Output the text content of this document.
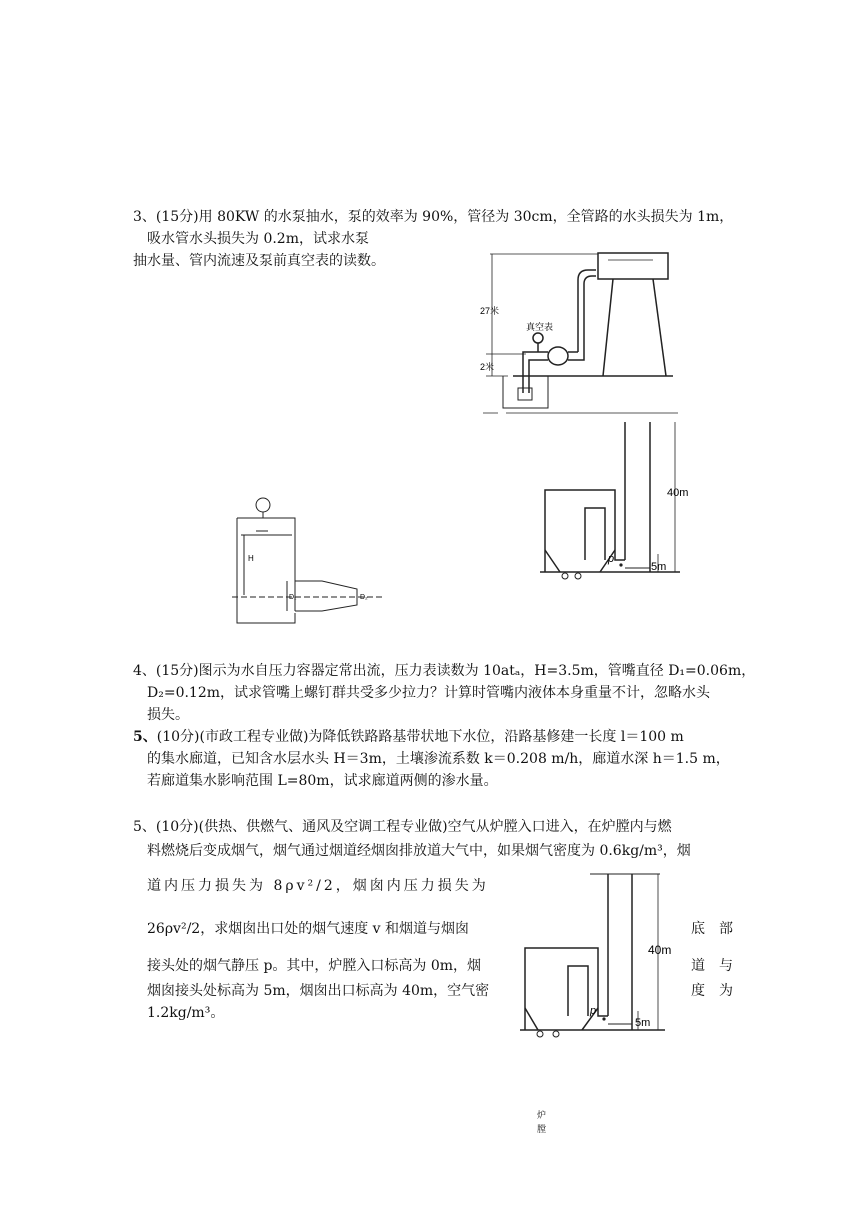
3、(15分)用 80KW 的水泵抽水，泵的效率为 90%，管径为 30cm，全管路的水头损失为 1m，
吸水管水头损失为 0.2m，试求水泵
抽水量、管内流速及泵前真空表的读数。
27米
真空表
2米
40m
5m
p
H
D₁	D₂
4、(15分)图示为水自压力容器定常出流，压力表读数为 10atₐ，H=3.5m，管嘴直径 D₁=0.06m，
D₂=0.12m，试求管嘴上螺钉群共受多少拉力？计算时管嘴内液体本身重量不计，忽略水头
损失。
5、(10分)(市政工程专业做)为降低铁路路基带状地下水位，沿路基修建一长度 l＝100 m
的集水廊道，已知含水层水头 H＝3m，土壤渗流系数 k＝0.208 m/h，廊道水深 h＝1.5 m，
若廊道集水影响范围 L=80m，试求廊道两侧的渗水量。
5、(10分)(供热、供燃气、通风及空调工程专业做)空气从炉膛入口进入，在炉膛内与燃
料燃烧后变成烟气，烟气通过烟道经烟囱排放道大气中，如果烟气密度为 0.6kg/m³，烟
道内压力损失为 8ρv²/2，烟囱内压力损失为
26ρv²/2，求烟囱出口处的烟气速度 v 和烟道与烟囱
接头处的烟气静压 p。其中，炉膛入口标高为 0m，烟
烟囱接头处标高为 5m，烟囱出口标高为 40m，空气密
1.2kg/m³。
底　部
道　与
度　为
40m
5m
p
炉
膛
